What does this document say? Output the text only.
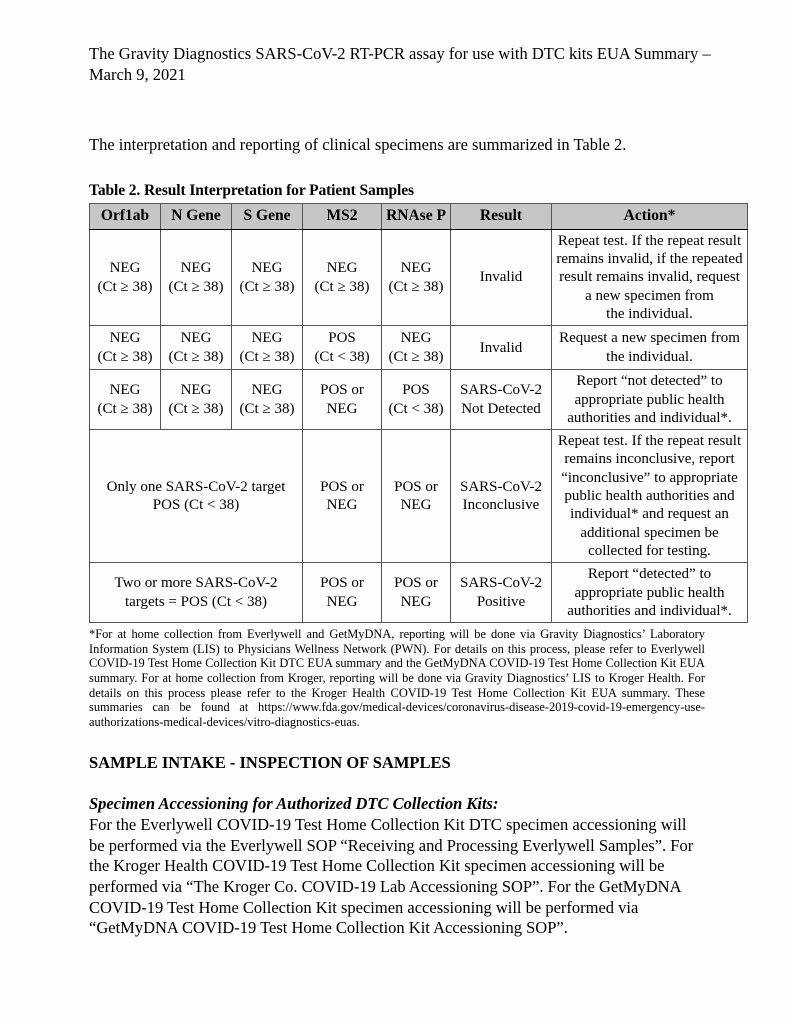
The Gravity Diagnostics SARS-CoV-2 RT-PCR assay for use with DTC kits EUA Summary –
March 9, 2021

The interpretation and reporting of clinical specimens are summarized in Table 2.

Table 2. Result Interpretation for Patient Samples

Orf1ab	N Gene	S Gene	MS2	RNAse P	Result	Action*

NEG
(Ct ≥ 38)	NEG
(Ct ≥ 38)	NEG
(Ct ≥ 38)	NEG
(Ct ≥ 38)	NEG
(Ct ≥ 38)	Invalid	Repeat test. If the repeat result remains invalid, if the repeated result remains invalid, request a new specimen from
the individual.

NEG
(Ct ≥ 38)	NEG
(Ct ≥ 38)	NEG
(Ct ≥ 38)	POS
(Ct < 38)	NEG
(Ct ≥ 38)	Invalid	Request a new specimen from the individual.

NEG
(Ct ≥ 38)	NEG
(Ct ≥ 38)	NEG
(Ct ≥ 38)	POS or
NEG	POS
(Ct < 38)	SARS-CoV-2
Not Detected	Report “not detected” to appropriate public health authorities and individual*.

Only one SARS-CoV-2 target
POS (Ct < 38)			POS or
NEG	POS or
NEG	SARS-CoV-2
Inconclusive	Repeat test. If the repeat result remains inconclusive, report “inconclusive” to appropriate public health authorities and individual* and request an additional specimen be collected for testing.

Two or more SARS-CoV-2
targets = POS (Ct < 38)			POS or
NEG	POS or
NEG	SARS-CoV-2
Positive	Report “detected” to appropriate public health authorities and individual*.

*For at home collection from Everlywell and GetMyDNA, reporting will be done via Gravity Diagnostics’ Laboratory Information System (LIS) to Physicians Wellness Network (PWN). For details on this process, please refer to Everlywell COVID-19 Test Home Collection Kit DTC EUA summary and the GetMyDNA COVID-19 Test Home Collection Kit EUA summary. For at home collection from Kroger, reporting will be done via Gravity Diagnostics’ LIS to Kroger Health. For details on this process please refer to the Kroger Health COVID-19 Test Home Collection Kit EUA summary. These summaries can be found at https://www.fda.gov/medical-devices/coronavirus-disease-2019-covid-19-emergency-use-authorizations-medical-devices/vitro-diagnostics-euas.

SAMPLE INTAKE - INSPECTION OF SAMPLES

Specimen Accessioning for Authorized DTC Collection Kits:

For the Everlywell COVID-19 Test Home Collection Kit DTC specimen accessioning will be performed via the Everlywell SOP “Receiving and Processing Everlywell Samples”. For the Kroger Health COVID-19 Test Home Collection Kit specimen accessioning will be performed via “The Kroger Co. COVID-19 Lab Accessioning SOP”. For the GetMyDNA COVID-19 Test Home Collection Kit specimen accessioning will be performed via “GetMyDNA COVID-19 Test Home Collection Kit Accessioning SOP”.
